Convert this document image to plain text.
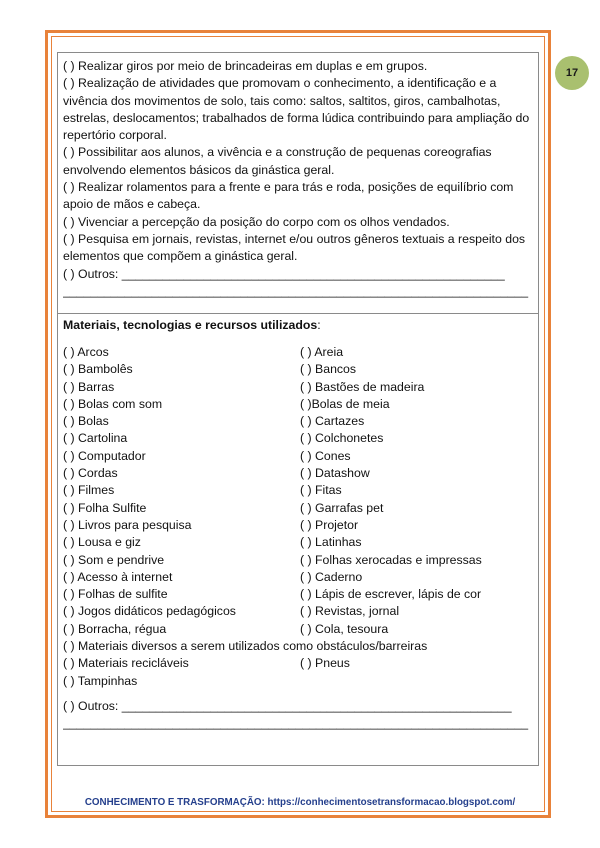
17

( ) Realizar giros por meio de brincadeiras em duplas e em grupos.

( ) Realização de atividades que promovam o conhecimento, a identificação e a vivência dos movimentos de solo, tais como: saltos, saltitos, giros, cambalhotas, estrelas, deslocamentos; trabalhados de forma lúdica contribuindo para ampliação do repertório corporal.

( ) Possibilitar aos alunos, a vivência e a construção de pequenas coreografias envolvendo elementos básicos da ginástica geral.

( ) Realizar rolamentos para a frente e para trás e roda, posições de equilíbrio com apoio de mãos e cabeça.

( ) Vivenciar a percepção da posição do corpo com os olhos vendados.

( ) Pesquisa em jornais, revistas, internet e/ou outros gêneros textuais a respeito dos elementos que compõem a ginástica geral.

( ) Outros: ________________________________________________________

____________________________________________________________________

Materiais, tecnologias e recursos utilizados:
( ) Arcos	( ) Areia
( ) Bambolês	( ) Bancos
( ) Barras	( ) Bastões de madeira
( ) Bolas com som	( )Bolas de meia
( ) Bolas	( ) Cartazes
( ) Cartolina	( ) Colchonetes
( ) Computador	( ) Cones
( ) Cordas	( ) Datashow
( ) Filmes	( ) Fitas
( ) Folha Sulfite	( ) Garrafas pet
( ) Livros para pesquisa	( ) Projetor
( ) Lousa e giz	( ) Latinhas
( ) Som e pendrive	( ) Folhas xerocadas e impressas
( ) Acesso à internet	( ) Caderno
( ) Folhas de sulfite	( ) Lápis de escrever, lápis de cor
( ) Jogos didáticos pedagógicos	( ) Revistas, jornal
( ) Borracha, régua	( ) Cola, tesoura
( ) Materiais diversos a serem utilizados como obstáculos/barreiras
( ) Materiais recicláveis	( ) Pneus
( ) Tampinhas

( ) Outros: _________________________________________________________

____________________________________________________________________

CONHECIMENTO E TRASFORMAÇÃO: https://conhecimentosetransformacao.blogspot.com/
